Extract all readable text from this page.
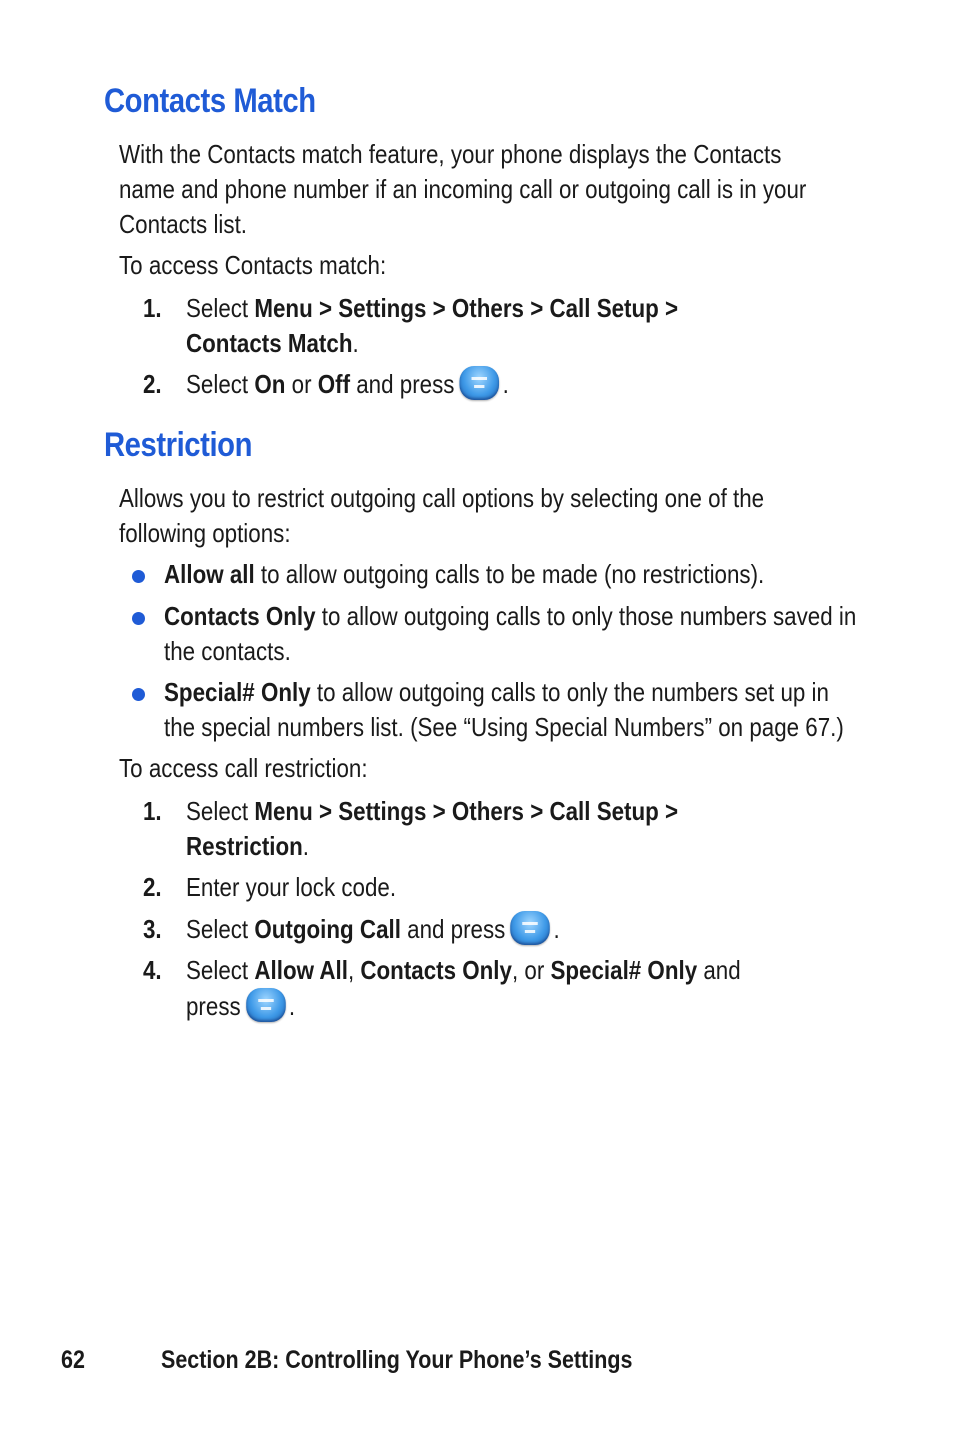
Contacts Match

With the Contacts match feature, your phone displays the Contacts name and phone number if an incoming call or outgoing call is in your Contacts list.

To access Contacts match:

1. Select Menu > Settings > Others > Call Setup >
Contacts Match.
2. Select On or Off and press .
Restriction

Allows you to restrict outgoing call options by selecting one of the following options:

Allow all to allow outgoing calls to be made (no restrictions).
Contacts Only to allow outgoing calls to only those numbers saved in the contacts.
Special# Only to allow outgoing calls to only the numbers set up in the special numbers list. (See “Using Special Numbers” on page 67.)

To access call restriction:

1. Select Menu > Settings > Others > Call Setup >
Restriction.
2. Enter your lock code.
3. Select Outgoing Call and press .
4. Select Allow All, Contacts Only, or Special# Only and
press .
62	Section 2B: Controlling Your Phone’s Settings
